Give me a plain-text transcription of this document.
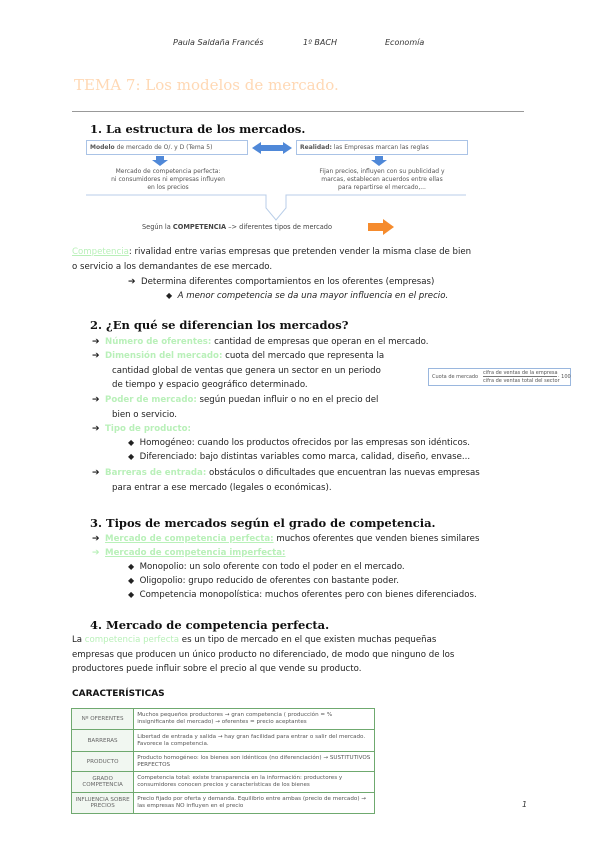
Paula Saldaña Francés	1º BACH	Economía
TEMA 7: Los modelos de mercado.
1. La estructura de los mercados.
Modelo de mercado de O/. y D (Tema 5)	Realidad: las Empresas marcan las reglas
Mercado de competencia perfecta:
ni consumidores ni empresas influyen
en los precios
Fijan precios, influyen con su publicidad y
marcas, establecen acuerdos entre ellas
para repartirse el mercado,...
Según la COMPETENCIA –> diferentes tipos de mercado
Competencia: rivalidad entre varias empresas que pretenden vender la misma clase de bien
o servicio a los demandantes de ese mercado.
➔ Determina diferentes comportamientos en los oferentes (empresas)
◆ A menor competencia se da una mayor influencia en el precio.
2. ¿En qué se diferencian los mercados?
➔ Número de oferentes: cantidad de empresas que operan en el mercado.
➔ Dimensión del mercado: cuota del mercado que representa la
cantidad global de ventas que genera un sector en un periodo
de tiempo y espacio geográfico determinado.
Cuota de mercado
cifra de ventas de la empresa
cifra de ventas total del sector
· 100
➔ Poder de mercado: según puedan influir o no en el precio del
bien o servicio.
➔ Tipo de producto:
◆ Homogéneo: cuando los productos ofrecidos por las empresas son idénticos.
◆ Diferenciado: bajo distintas variables como marca, calidad, diseño, envase...
➔ Barreras de entrada: obstáculos o dificultades que encuentran las nuevas empresas
para entrar a ese mercado (legales o económicas).
3. Tipos de mercados según el grado de competencia.
➔ Mercado de competencia perfecta: muchos oferentes que venden bienes similares
➔ Mercado de competencia imperfecta:
◆ Monopolio: un solo oferente con todo el poder en el mercado.
◆ Oligopolio: grupo reducido de oferentes con bastante poder.
◆ Competencia monopolística: muchos oferentes pero con bienes diferenciados.
4. Mercado de competencia perfecta.
La competencia perfecta es un tipo de mercado en el que existen muchas pequeñas
empresas que producen un único producto no diferenciado, de modo que ninguno de los
productores puede influir sobre el precio al que vende su producto.
CARACTERÍSTICAS
Nº OFERENTES	Muchos pequeños productores → gran competencia ( producción = % insignificante del mercado) → oferentes = precio aceptantes
BARRERAS	Libertad de entrada y salida → hay gran facilidad para entrar o salir del mercado. Favorece la competencia.
PRODUCTO	Producto homogéneo: los bienes son idénticos (no diferenciación) → SUSTITUTIVOS PERFECTOS
GRADO COMPETENCIA	Competencia total: existe transparencia en la información: productores y consumidores conocen precios y características de los bienes
INFLUENCIA SOBRE PRECIOS	Precio fijado por oferta y demanda. Equilibrio entre ambas (precio de mercado) → las empresas NO influyen en el precio	1
